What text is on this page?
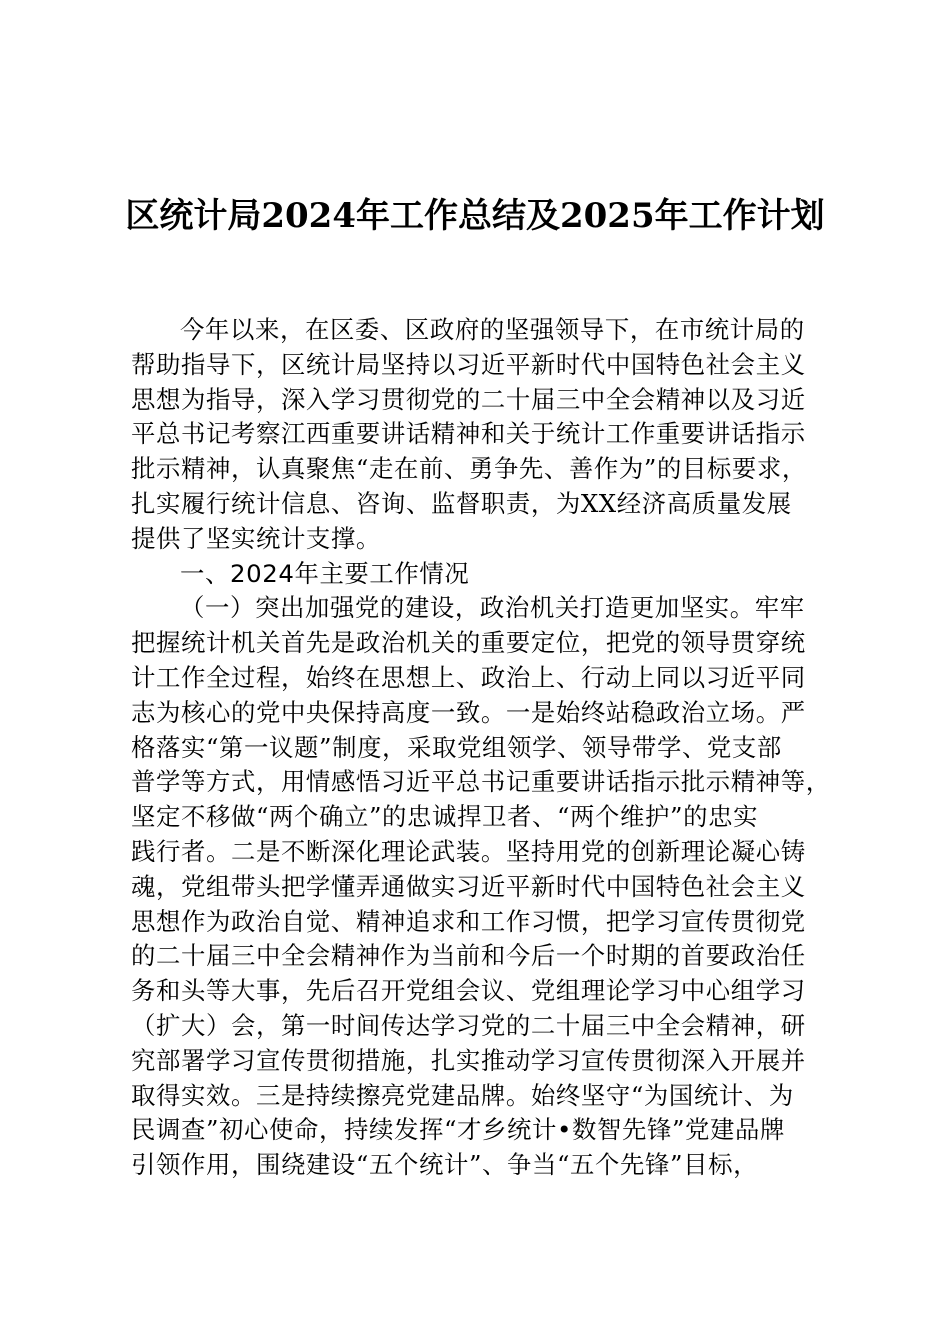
区统计局2024年工作总结及2025年工作计划
今年以来，在区委、区政府的坚强领导下，在市统计局的
帮助指导下，区统计局坚持以习近平新时代中国特色社会主义
思想为指导，深入学习贯彻党的二十届三中全会精神以及习近
平总书记考察江西重要讲话精神和关于统计工作重要讲话指示
批示精神，认真聚焦“走在前、勇争先、善作为”的目标要求，
扎实履行统计信息、咨询、监督职责，为XX经济高质量发展
提供了坚实统计支撑。
一、2024年主要工作情况
（一）突出加强党的建设，政治机关打造更加坚实。牢牢
把握统计机关首先是政治机关的重要定位，把党的领导贯穿统
计工作全过程，始终在思想上、政治上、行动上同以习近平同
志为核心的党中央保持高度一致。一是始终站稳政治立场。严
格落实“第一议题”制度，采取党组领学、领导带学、党支部
普学等方式，用情感悟习近平总书记重要讲话指示批示精神等，
坚定不移做“两个确立”的忠诚捍卫者、“两个维护”的忠实
践行者。二是不断深化理论武装。坚持用党的创新理论凝心铸
魂，党组带头把学懂弄通做实习近平新时代中国特色社会主义
思想作为政治自觉、精神追求和工作习惯，把学习宣传贯彻党
的二十届三中全会精神作为当前和今后一个时期的首要政治任
务和头等大事，先后召开党组会议、党组理论学习中心组学习
（扩大）会，第一时间传达学习党的二十届三中全会精神，研
究部署学习宣传贯彻措施，扎实推动学习宣传贯彻深入开展并
取得实效。三是持续擦亮党建品牌。始终坚守“为国统计、为
民调查”初心使命，持续发挥“才乡统计•数智先锋”党建品牌
引领作用，围绕建设“五个统计”、争当“五个先锋”目标，
